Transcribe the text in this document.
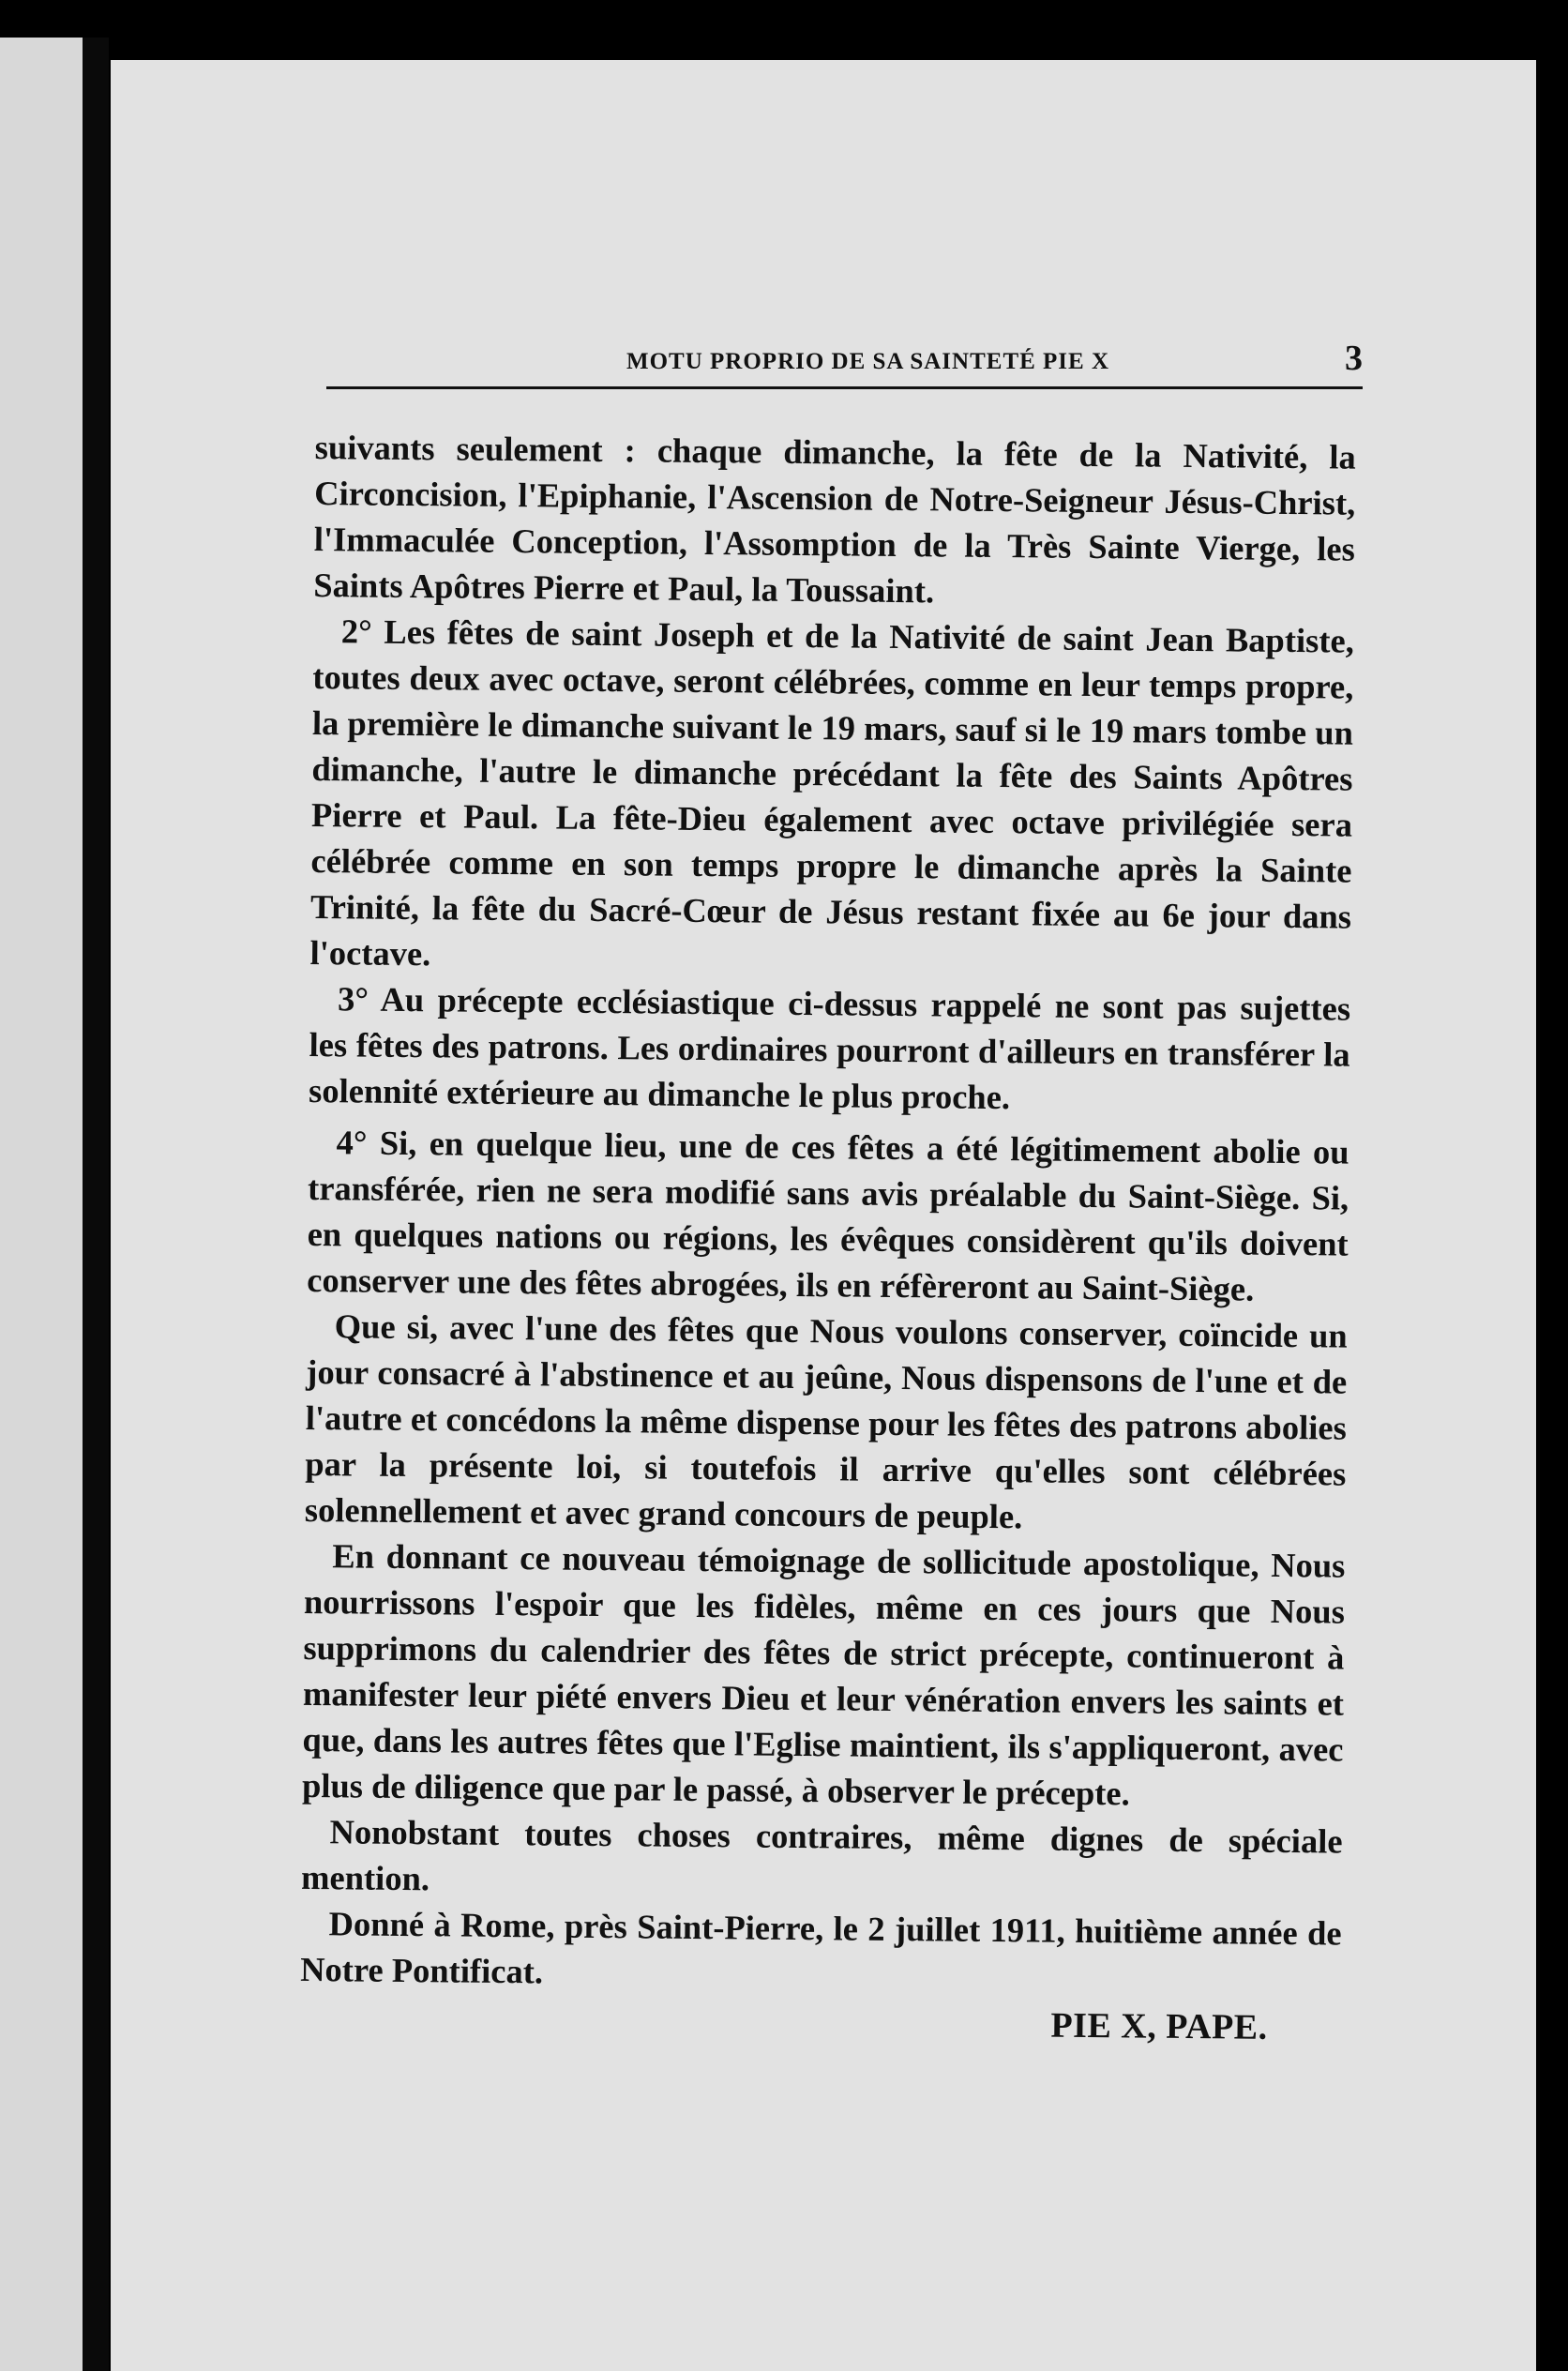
MOTU PROPRIO DE SA SAINTETÉ PIE X	3

suivants seulement : chaque dimanche, la fête de la Nativité, la Circoncision, l'Epiphanie, l'Ascension de Notre-Seigneur Jésus-Christ, l'Immaculée Conception, l'Assomption de la Très Sainte Vierge, les Saints Apôtres Pierre et Paul, la Toussaint.

2° Les fêtes de saint Joseph et de la Nativité de saint Jean Baptiste, toutes deux avec octave, seront célébrées, comme en leur temps propre, la première le dimanche suivant le 19 mars, sauf si le 19 mars tombe un dimanche, l'autre le dimanche précédant la fête des Saints Apôtres Pierre et Paul. La fête-Dieu également avec octave privilégiée sera célébrée comme en son temps propre le dimanche après la Sainte Trinité, la fête du Sacré-Cœur de Jésus restant fixée au 6e jour dans l'octave.

3° Au précepte ecclésiastique ci-dessus rappelé ne sont pas sujettes les fêtes des patrons. Les ordinaires pourront d'ailleurs en transférer la solennité extérieure au dimanche le plus proche.

4° Si, en quelque lieu, une de ces fêtes a été légitimement abolie ou transférée, rien ne sera modifié sans avis préalable du Saint-Siège. Si, en quelques nations ou régions, les évêques considèrent qu'ils doivent conserver une des fêtes abrogées, ils en réfèreront au Saint-Siège.

Que si, avec l'une des fêtes que Nous voulons conserver, coïncide un jour consacré à l'abstinence et au jeûne, Nous dispensons de l'une et de l'autre et concédons la même dispense pour les fêtes des patrons abolies par la présente loi, si toutefois il arrive qu'elles sont célébrées solennellement et avec grand concours de peuple.

En donnant ce nouveau témoignage de sollicitude apostolique, Nous nourrissons l'espoir que les fidèles, même en ces jours que Nous supprimons du calendrier des fêtes de strict précepte, continueront à manifester leur piété envers Dieu et leur vénération envers les saints et que, dans les autres fêtes que l'Eglise maintient, ils s'appliqueront, avec plus de diligence que par le passé, à observer le précepte.

Nonobstant toutes choses contraires, même dignes de spéciale mention.

Donné à Rome, près Saint-Pierre, le 2 juillet 1911, huitième année de Notre Pontificat.

PIE X, PAPE.
